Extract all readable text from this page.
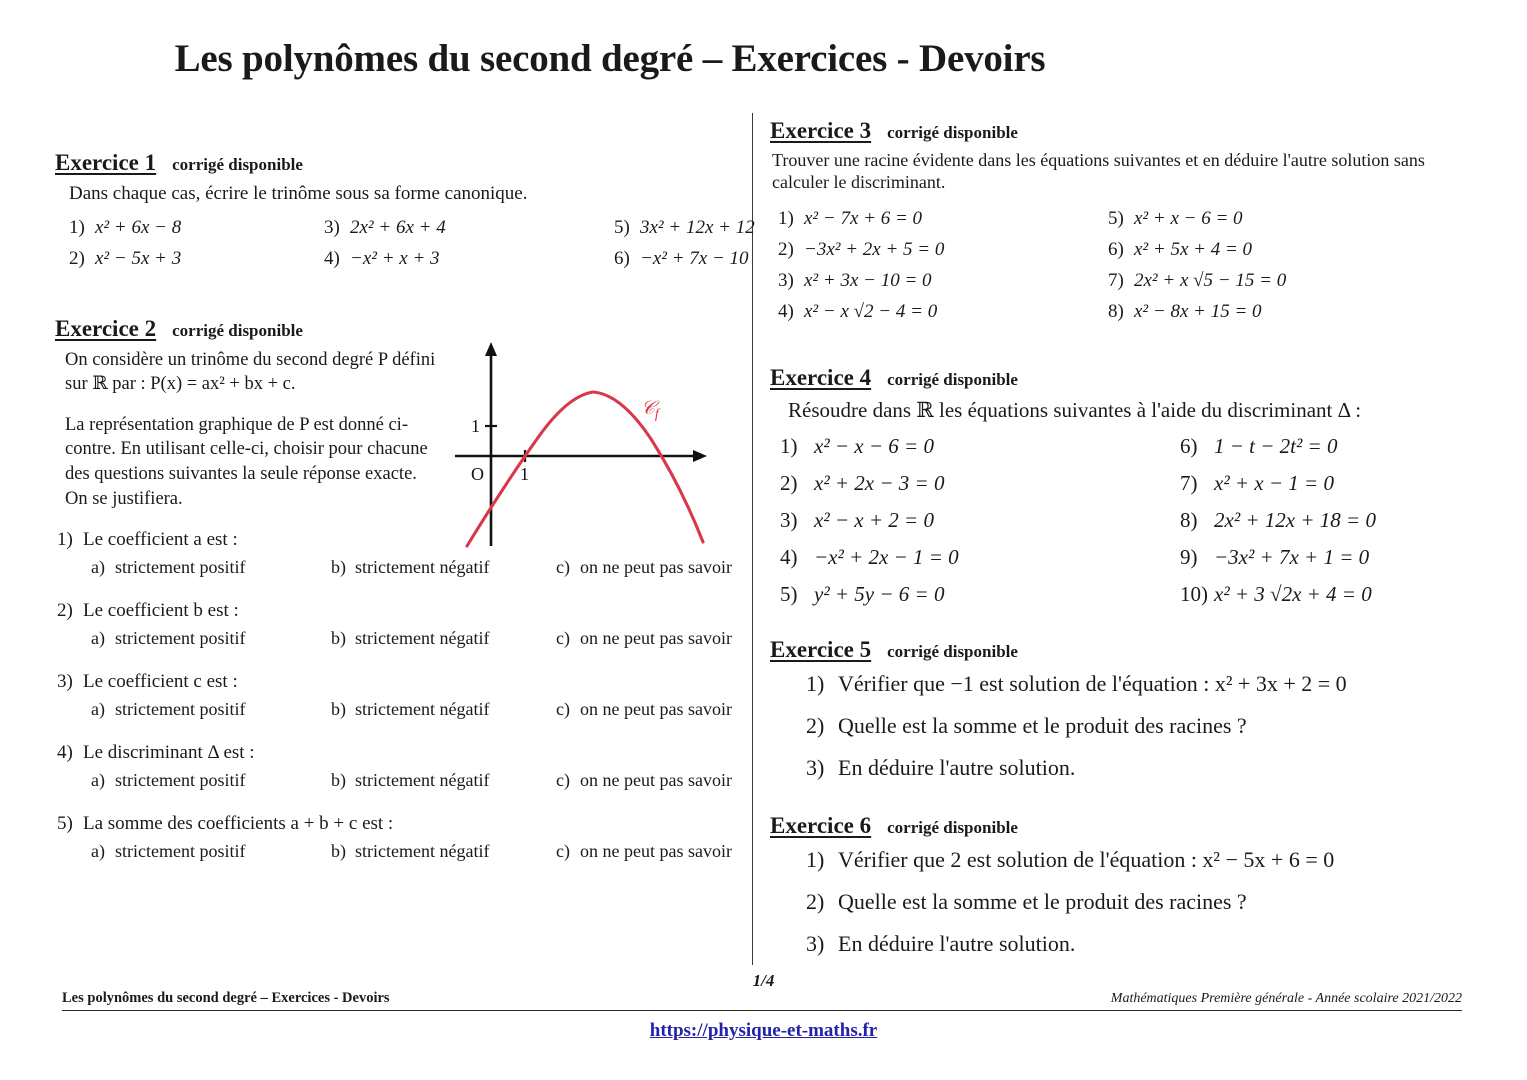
Les polynômes du second degré – Exercices - Devoirs
Exercice 1 corrigé disponible
Dans chaque cas, écrire le trinôme sous sa forme canonique.
1) x² + 6x − 8	3) 2x² + 6x + 4	5) 3x² + 12x + 12
2) x² − 5x + 3	4) −x² + x + 3	6) −x² + 7x − 10
Exercice 2 corrigé disponible

On considère un trinôme du second degré P défini sur ℝ par : P(x) = ax² + bx + c.

La représentation graphique de P est donné ci-contre. En utilisant celle-ci, choisir pour chacune des questions suivantes la seule réponse exacte. On se justifiera.

1
1
O
𝒞$_f$
1) Le coefficient a est :
a) strictement positif	b) strictement négatif	c) on ne peut pas savoir
2) Le coefficient b est :
a) strictement positif	b) strictement négatif	c) on ne peut pas savoir
3) Le coefficient c est :
a) strictement positif	b) strictement négatif	c) on ne peut pas savoir
4) Le discriminant Δ est :
a) strictement positif	b) strictement négatif	c) on ne peut pas savoir
5) La somme des coefficients a + b + c est :
a) strictement positif	b) strictement négatif	c) on ne peut pas savoir
Exercice 3 corrigé disponible
Trouver une racine évidente dans les équations suivantes et en déduire l'autre solution sans calculer le discriminant.
1) x² − 7x + 6 = 0	5) x² + x − 6 = 0
2) −3x² + 2x + 5 = 0	6) x² + 5x + 4 = 0
3) x² + 3x − 10 = 0	7) 2x² + x √5 − 15 = 0
4) x² − x √2 − 4 = 0	8) x² − 8x + 15 = 0
Exercice 4 corrigé disponible
Résoudre dans ℝ les équations suivantes à l'aide du discriminant Δ :
1) x² − x − 6 = 0	6) 1 − t − 2t² = 0
2) x² + 2x − 3 = 0	7) x² + x − 1 = 0
3) x² − x + 2 = 0	8) 2x² + 12x + 18 = 0
4) −x² + 2x − 1 = 0	9) −3x² + 7x + 1 = 0
5) y² + 5y − 6 = 0	10) x² + 3 √2x + 4 = 0
Exercice 5 corrigé disponible
1) Vérifier que −1 est solution de l'équation : x² + 3x + 2 = 0
2) Quelle est la somme et le produit des racines ?
3) En déduire l'autre solution.
Exercice 6 corrigé disponible
1) Vérifier que 2 est solution de l'équation : x² − 5x + 6 = 0
2) Quelle est la somme et le produit des racines ?
3) En déduire l'autre solution.
1/4
Les polynômes du second degré – Exercices - Devoirs	Mathématiques Première générale - Année scolaire 2021/2022
https://physique-et-maths.fr
